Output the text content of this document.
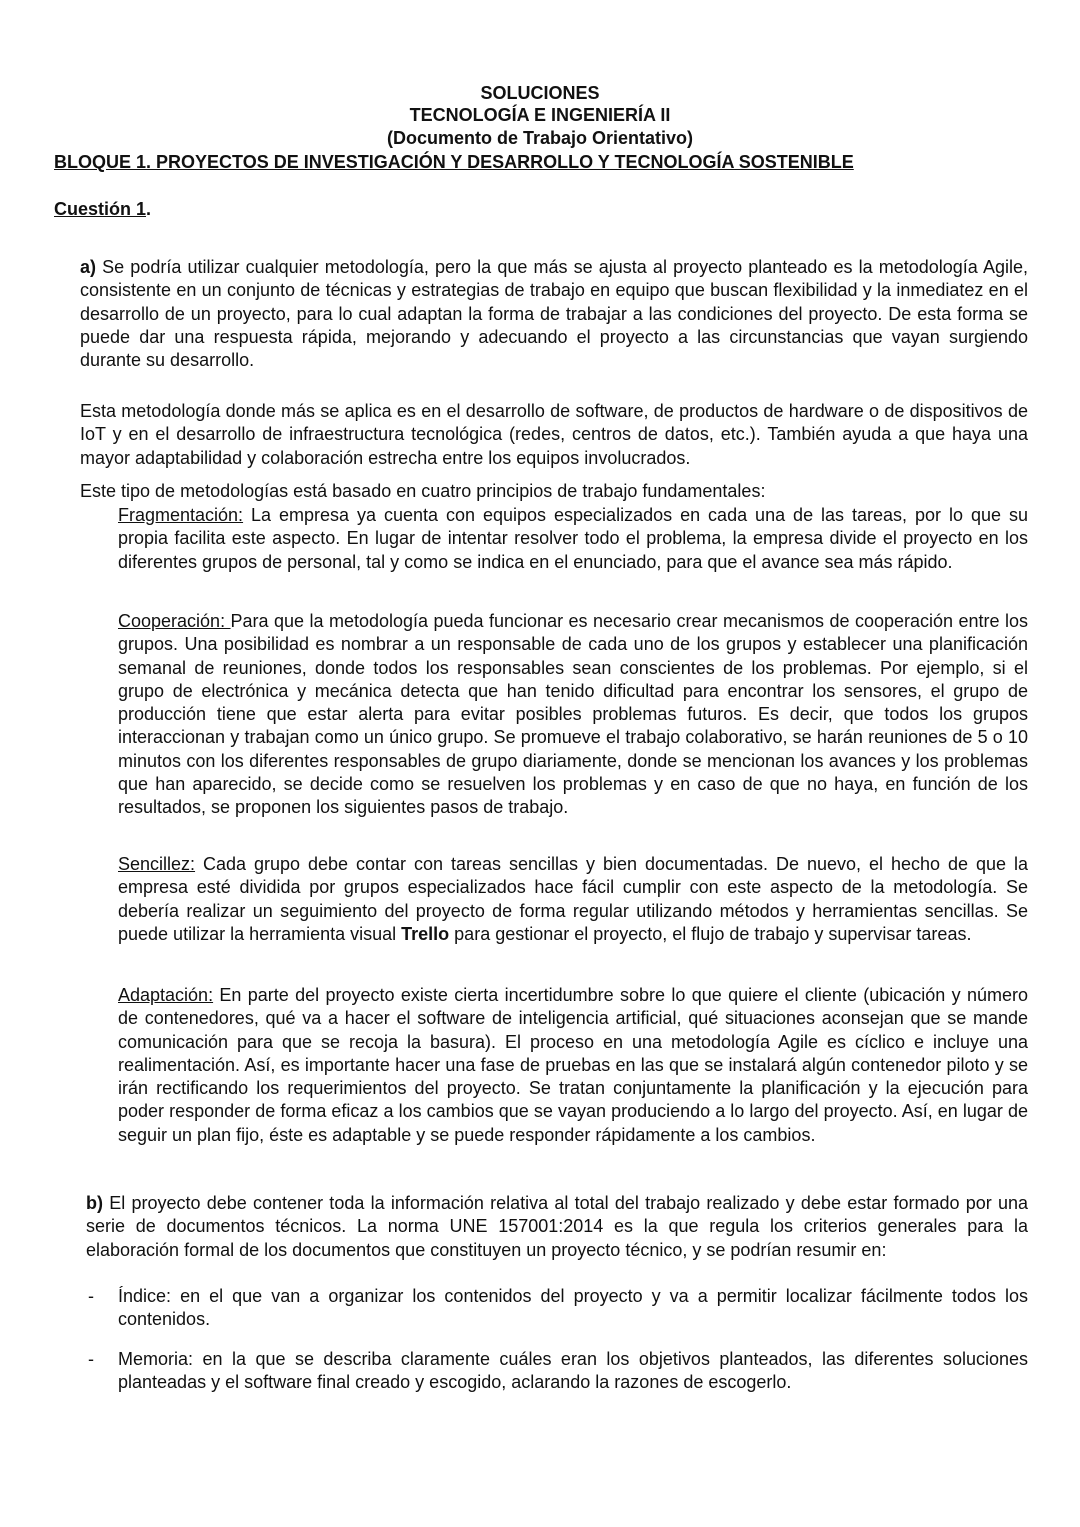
SOLUCIONES
TECNOLOGÍA E INGENIERÍA II
(Documento de Trabajo Orientativo)
BLOQUE 1. PROYECTOS DE INVESTIGACIÓN Y DESARROLLO Y TECNOLOGÍA SOSTENIBLE
Cuestión 1.

a) Se podría utilizar cualquier metodología, pero la que más se ajusta al proyecto planteado es la metodología Agile, consistente en un conjunto de técnicas y estrategias de trabajo en equipo que buscan flexibilidad y la inmediatez en el desarrollo de un proyecto, para lo cual adaptan la forma de trabajar a las condiciones del proyecto. De esta forma se puede dar una respuesta rápida, mejorando y adecuando el proyecto a las circunstancias que vayan surgiendo durante su desarrollo.

Esta metodología donde más se aplica es en el desarrollo de software, de productos de hardware o de dispositivos de IoT y en el desarrollo de infraestructura tecnológica (redes, centros de datos, etc.). También ayuda a que haya una mayor adaptabilidad y colaboración estrecha entre los equipos involucrados.

Este tipo de metodologías está basado en cuatro principios de trabajo fundamentales:

Fragmentación: La empresa ya cuenta con equipos especializados en cada una de las tareas, por lo que su propia facilita este aspecto. En lugar de intentar resolver todo el problema, la empresa divide el proyecto en los diferentes grupos de personal, tal y como se indica en el enunciado, para que el avance sea más rápido.

Cooperación: Para que la metodología pueda funcionar es necesario crear mecanismos de cooperación entre los grupos. Una posibilidad es nombrar a un responsable de cada uno de los grupos y establecer una planificación semanal de reuniones, donde todos los responsables sean conscientes de los problemas. Por ejemplo, si el grupo de electrónica y mecánica detecta que han tenido dificultad para encontrar los sensores, el grupo de producción tiene que estar alerta para evitar posibles problemas futuros. Es decir, que todos los grupos interaccionan y trabajan como un único grupo. Se promueve el trabajo colaborativo, se harán reuniones de 5 o 10 minutos con los diferentes responsables de grupo diariamente, donde se mencionan los avances y los problemas que han aparecido, se decide como se resuelven los problemas y en caso de que no haya, en función de los resultados, se proponen los siguientes pasos de trabajo.

Sencillez: Cada grupo debe contar con tareas sencillas y bien documentadas. De nuevo, el hecho de que la empresa esté dividida por grupos especializados hace fácil cumplir con este aspecto de la metodología. Se debería realizar un seguimiento del proyecto de forma regular utilizando métodos y herramientas sencillas. Se puede utilizar la herramienta visual Trello para gestionar el proyecto, el flujo de trabajo y supervisar tareas.

Adaptación: En parte del proyecto existe cierta incertidumbre sobre lo que quiere el cliente (ubicación y número de contenedores, qué va a hacer el software de inteligencia artificial, qué situaciones aconsejan que se mande comunicación para que se recoja la basura). El proceso en una metodología Agile es cíclico e incluye una realimentación. Así, es importante hacer una fase de pruebas en las que se instalará algún contenedor piloto y se irán rectificando los requerimientos del proyecto. Se tratan conjuntamente la planificación y la ejecución para poder responder de forma eficaz a los cambios que se vayan produciendo a lo largo del proyecto. Así, en lugar de seguir un plan fijo, éste es adaptable y se puede responder rápidamente a los cambios.

b) El proyecto debe contener toda la información relativa al total del trabajo realizado y debe estar formado por una serie de documentos técnicos. La norma UNE 157001:2014 es la que regula los criterios generales para la elaboración formal de los documentos que constituyen un proyecto técnico, y se podrían resumir en:

- Índice: en el que van a organizar los contenidos del proyecto y va a permitir localizar fácilmente todos los contenidos.

- Memoria: en la que se describa claramente cuáles eran los objetivos planteados, las diferentes soluciones planteadas y el software final creado y escogido, aclarando la razones de escogerlo.
